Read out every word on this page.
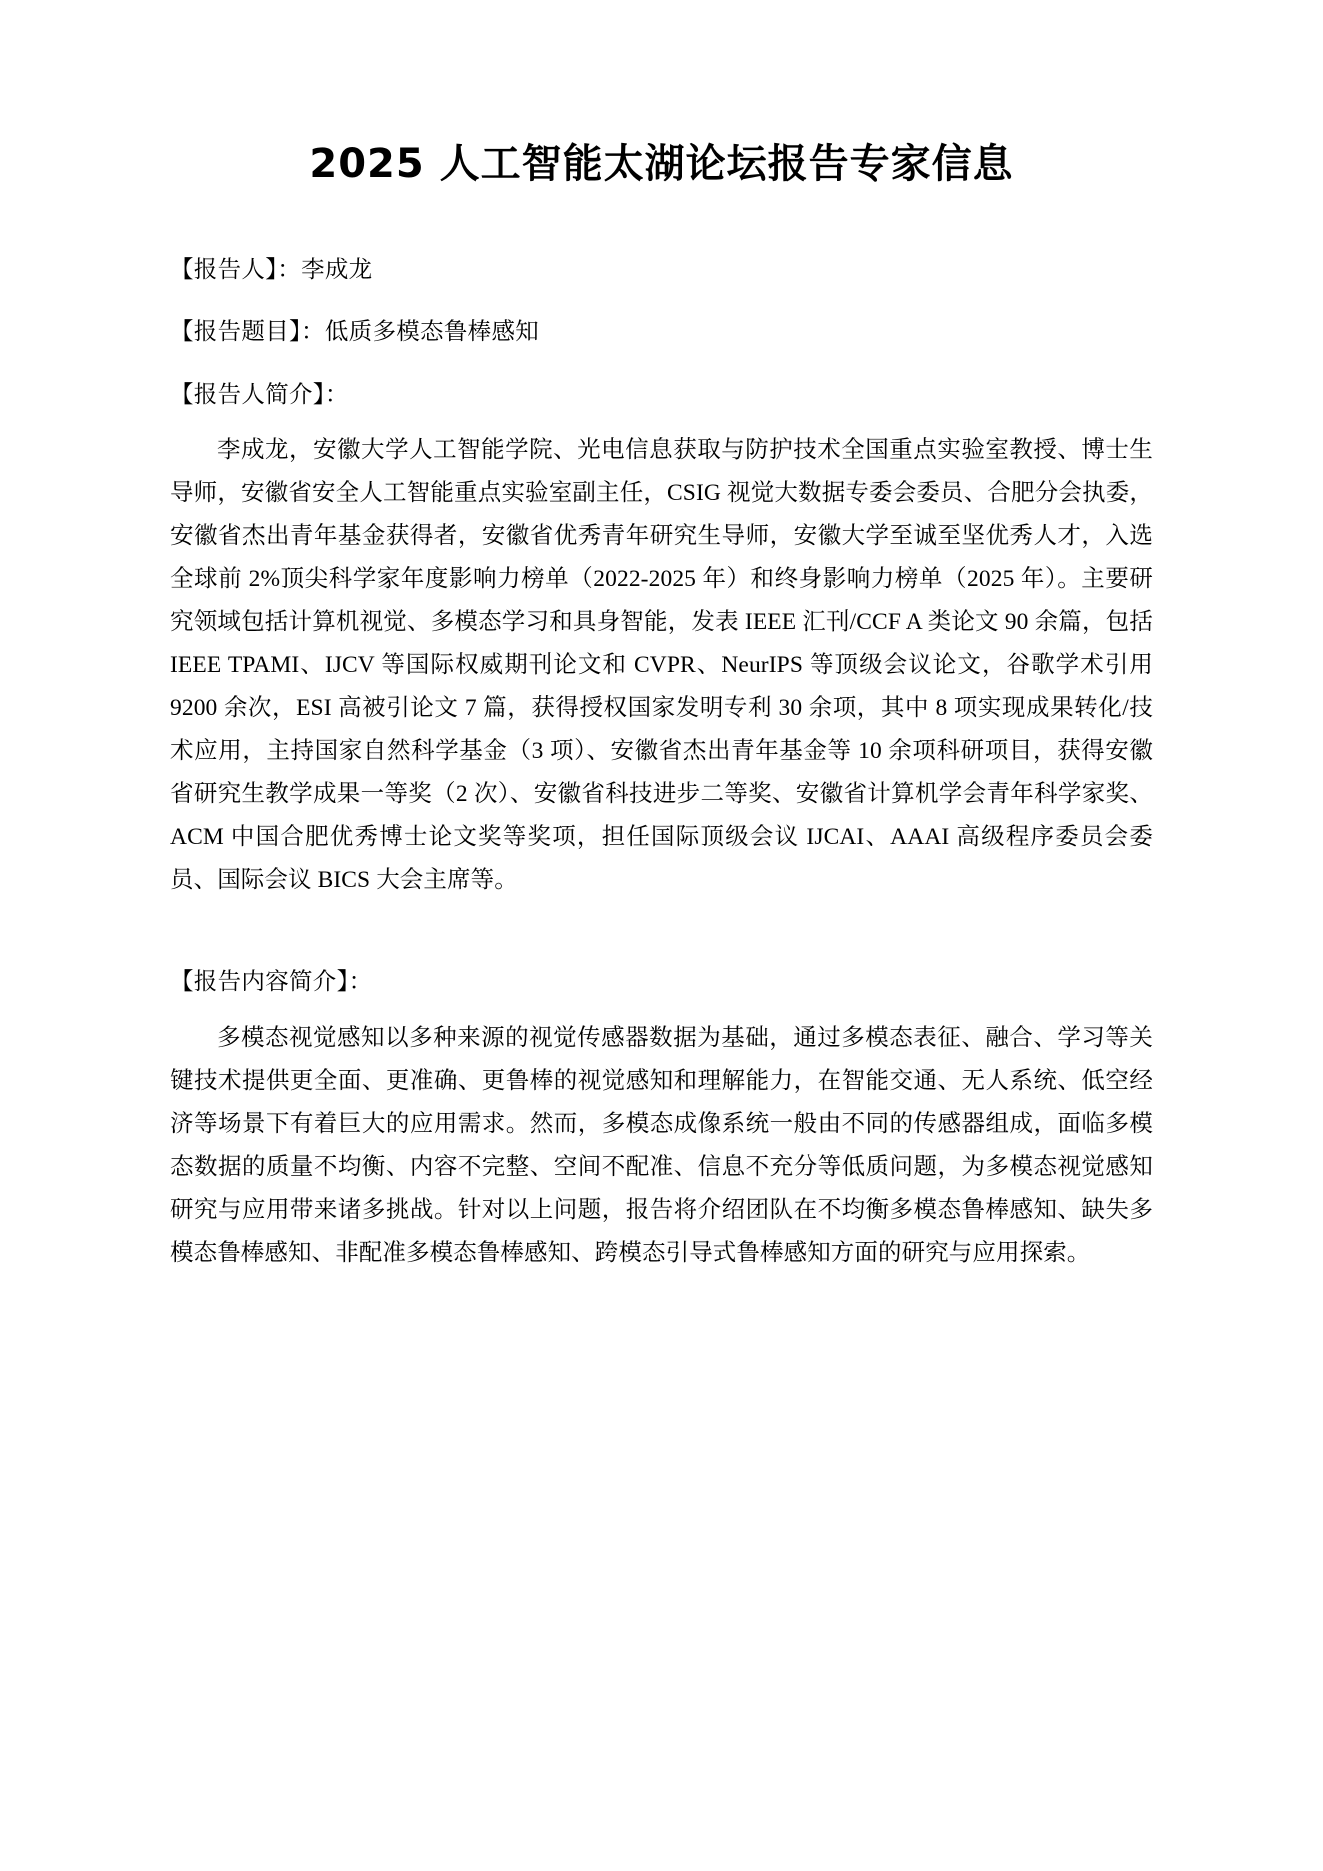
2025 人工智能太湖论坛报告专家信息

【报告人】：李成龙

【报告题目】：低质多模态鲁棒感知

【报告人简介】：

李成龙，安徽大学人工智能学院、光电信息获取与防护技术全国重点实验室教授、博士生导师，安徽省安全人工智能重点实验室副主任，CSIG 视觉大数据专委会委员、合肥分会执委，安徽省杰出青年基金获得者，安徽省优秀青年研究生导师，安徽大学至诚至坚优秀人才，入选全球前 2%顶尖科学家年度影响力榜单（2022-2025 年）和终身影响力榜单（2025 年）。主要研究领域包括计算机视觉、多模态学习和具身智能，发表 IEEE 汇刊/CCF A 类论文 90 余篇，包括 IEEE TPAMI、IJCV 等国际权威期刊论文和 CVPR、NeurIPS 等顶级会议论文，谷歌学术引用 9200 余次，ESI 高被引论文 7 篇，获得授权国家发明专利 30 余项，其中 8 项实现成果转化/技术应用，主持国家自然科学基金（3 项）、安徽省杰出青年基金等 10 余项科研项目，获得安徽省研究生教学成果一等奖（2 次）、安徽省科技进步二等奖、安徽省计算机学会青年科学家奖、ACM 中国合肥优秀博士论文奖等奖项，担任国际顶级会议 IJCAI、AAAI 高级程序委员会委员、国际会议 BICS 大会主席等。

【报告内容简介】：

多模态视觉感知以多种来源的视觉传感器数据为基础，通过多模态表征、融合、学习等关键技术提供更全面、更准确、更鲁棒的视觉感知和理解能力，在智能交通、无人系统、低空经济等场景下有着巨大的应用需求。然而，多模态成像系统一般由不同的传感器组成，面临多模态数据的质量不均衡、内容不完整、空间不配准、信息不充分等低质问题，为多模态视觉感知研究与应用带来诸多挑战。针对以上问题，报告将介绍团队在不均衡多模态鲁棒感知、缺失多模态鲁棒感知、非配准多模态鲁棒感知、跨模态引导式鲁棒感知方面的研究与应用探索。
